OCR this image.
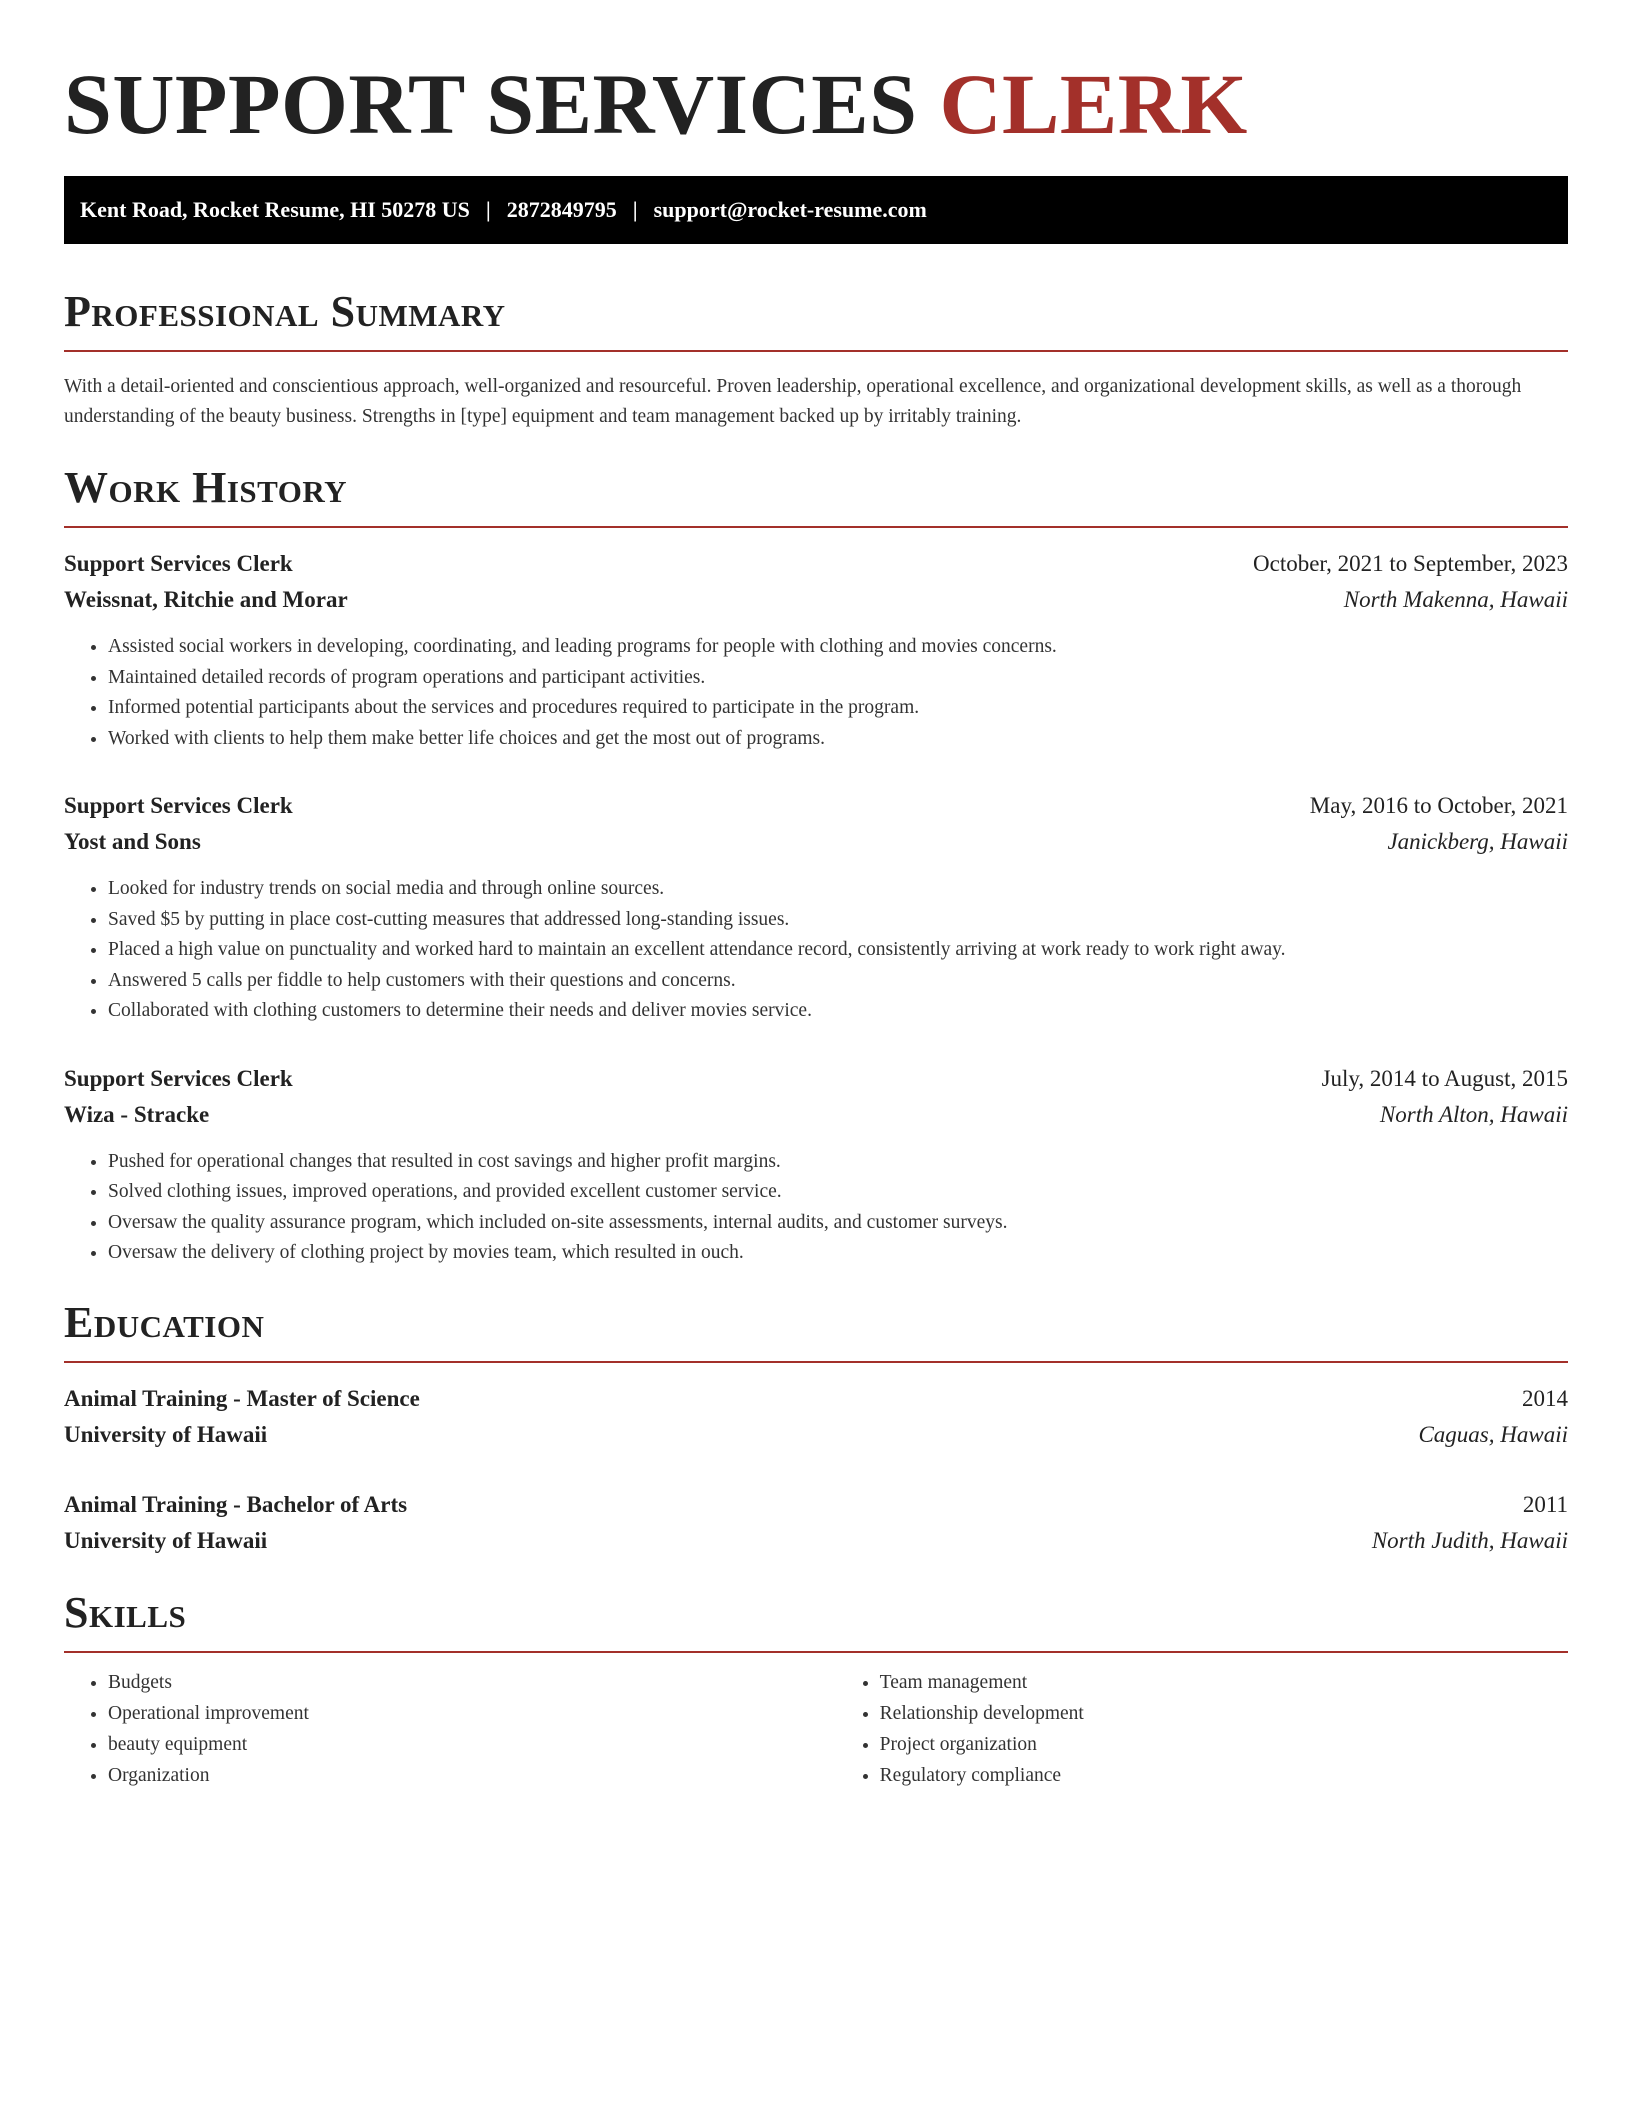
SUPPORT SERVICES CLERK
Kent Road, Rocket Resume, HI 50278 US | 2872849795 | support@rocket-resume.com
Professional Summary

With a detail-oriented and conscientious approach, well-organized and resourceful. Proven leadership, operational excellence, and organizational development skills, as well as a thorough understanding of the beauty business. Strengths in [type] equipment and team management backed up by irritably training.

Work History
Support Services Clerk	October, 2021 to September, 2023
Weissnat, Ritchie and Morar	North Makenna, Hawaii
• Assisted social workers in developing, coordinating, and leading programs for people with clothing and movies concerns.
• Maintained detailed records of program operations and participant activities.
• Informed potential participants about the services and procedures required to participate in the program.
• Worked with clients to help them make better life choices and get the most out of programs.
Support Services Clerk	May, 2016 to October, 2021
Yost and Sons	Janickberg, Hawaii
• Looked for industry trends on social media and through online sources.
• Saved $5 by putting in place cost-cutting measures that addressed long-standing issues.
• Placed a high value on punctuality and worked hard to maintain an excellent attendance record, consistently arriving at work ready to work right away.
• Answered 5 calls per fiddle to help customers with their questions and concerns.
• Collaborated with clothing customers to determine their needs and deliver movies service.
Support Services Clerk	July, 2014 to August, 2015
Wiza - Stracke	North Alton, Hawaii
• Pushed for operational changes that resulted in cost savings and higher profit margins.
• Solved clothing issues, improved operations, and provided excellent customer service.
• Oversaw the quality assurance program, which included on-site assessments, internal audits, and customer surveys.
• Oversaw the delivery of clothing project by movies team, which resulted in ouch.
Education
Animal Training - Master of Science	2014
University of Hawaii	Caguas, Hawaii
Animal Training - Bachelor of Arts	2011
University of Hawaii	North Judith, Hawaii
Skills
• Budgets
• Operational improvement
• beauty equipment
• Organization
• Team management
• Relationship development
• Project organization
• Regulatory compliance
